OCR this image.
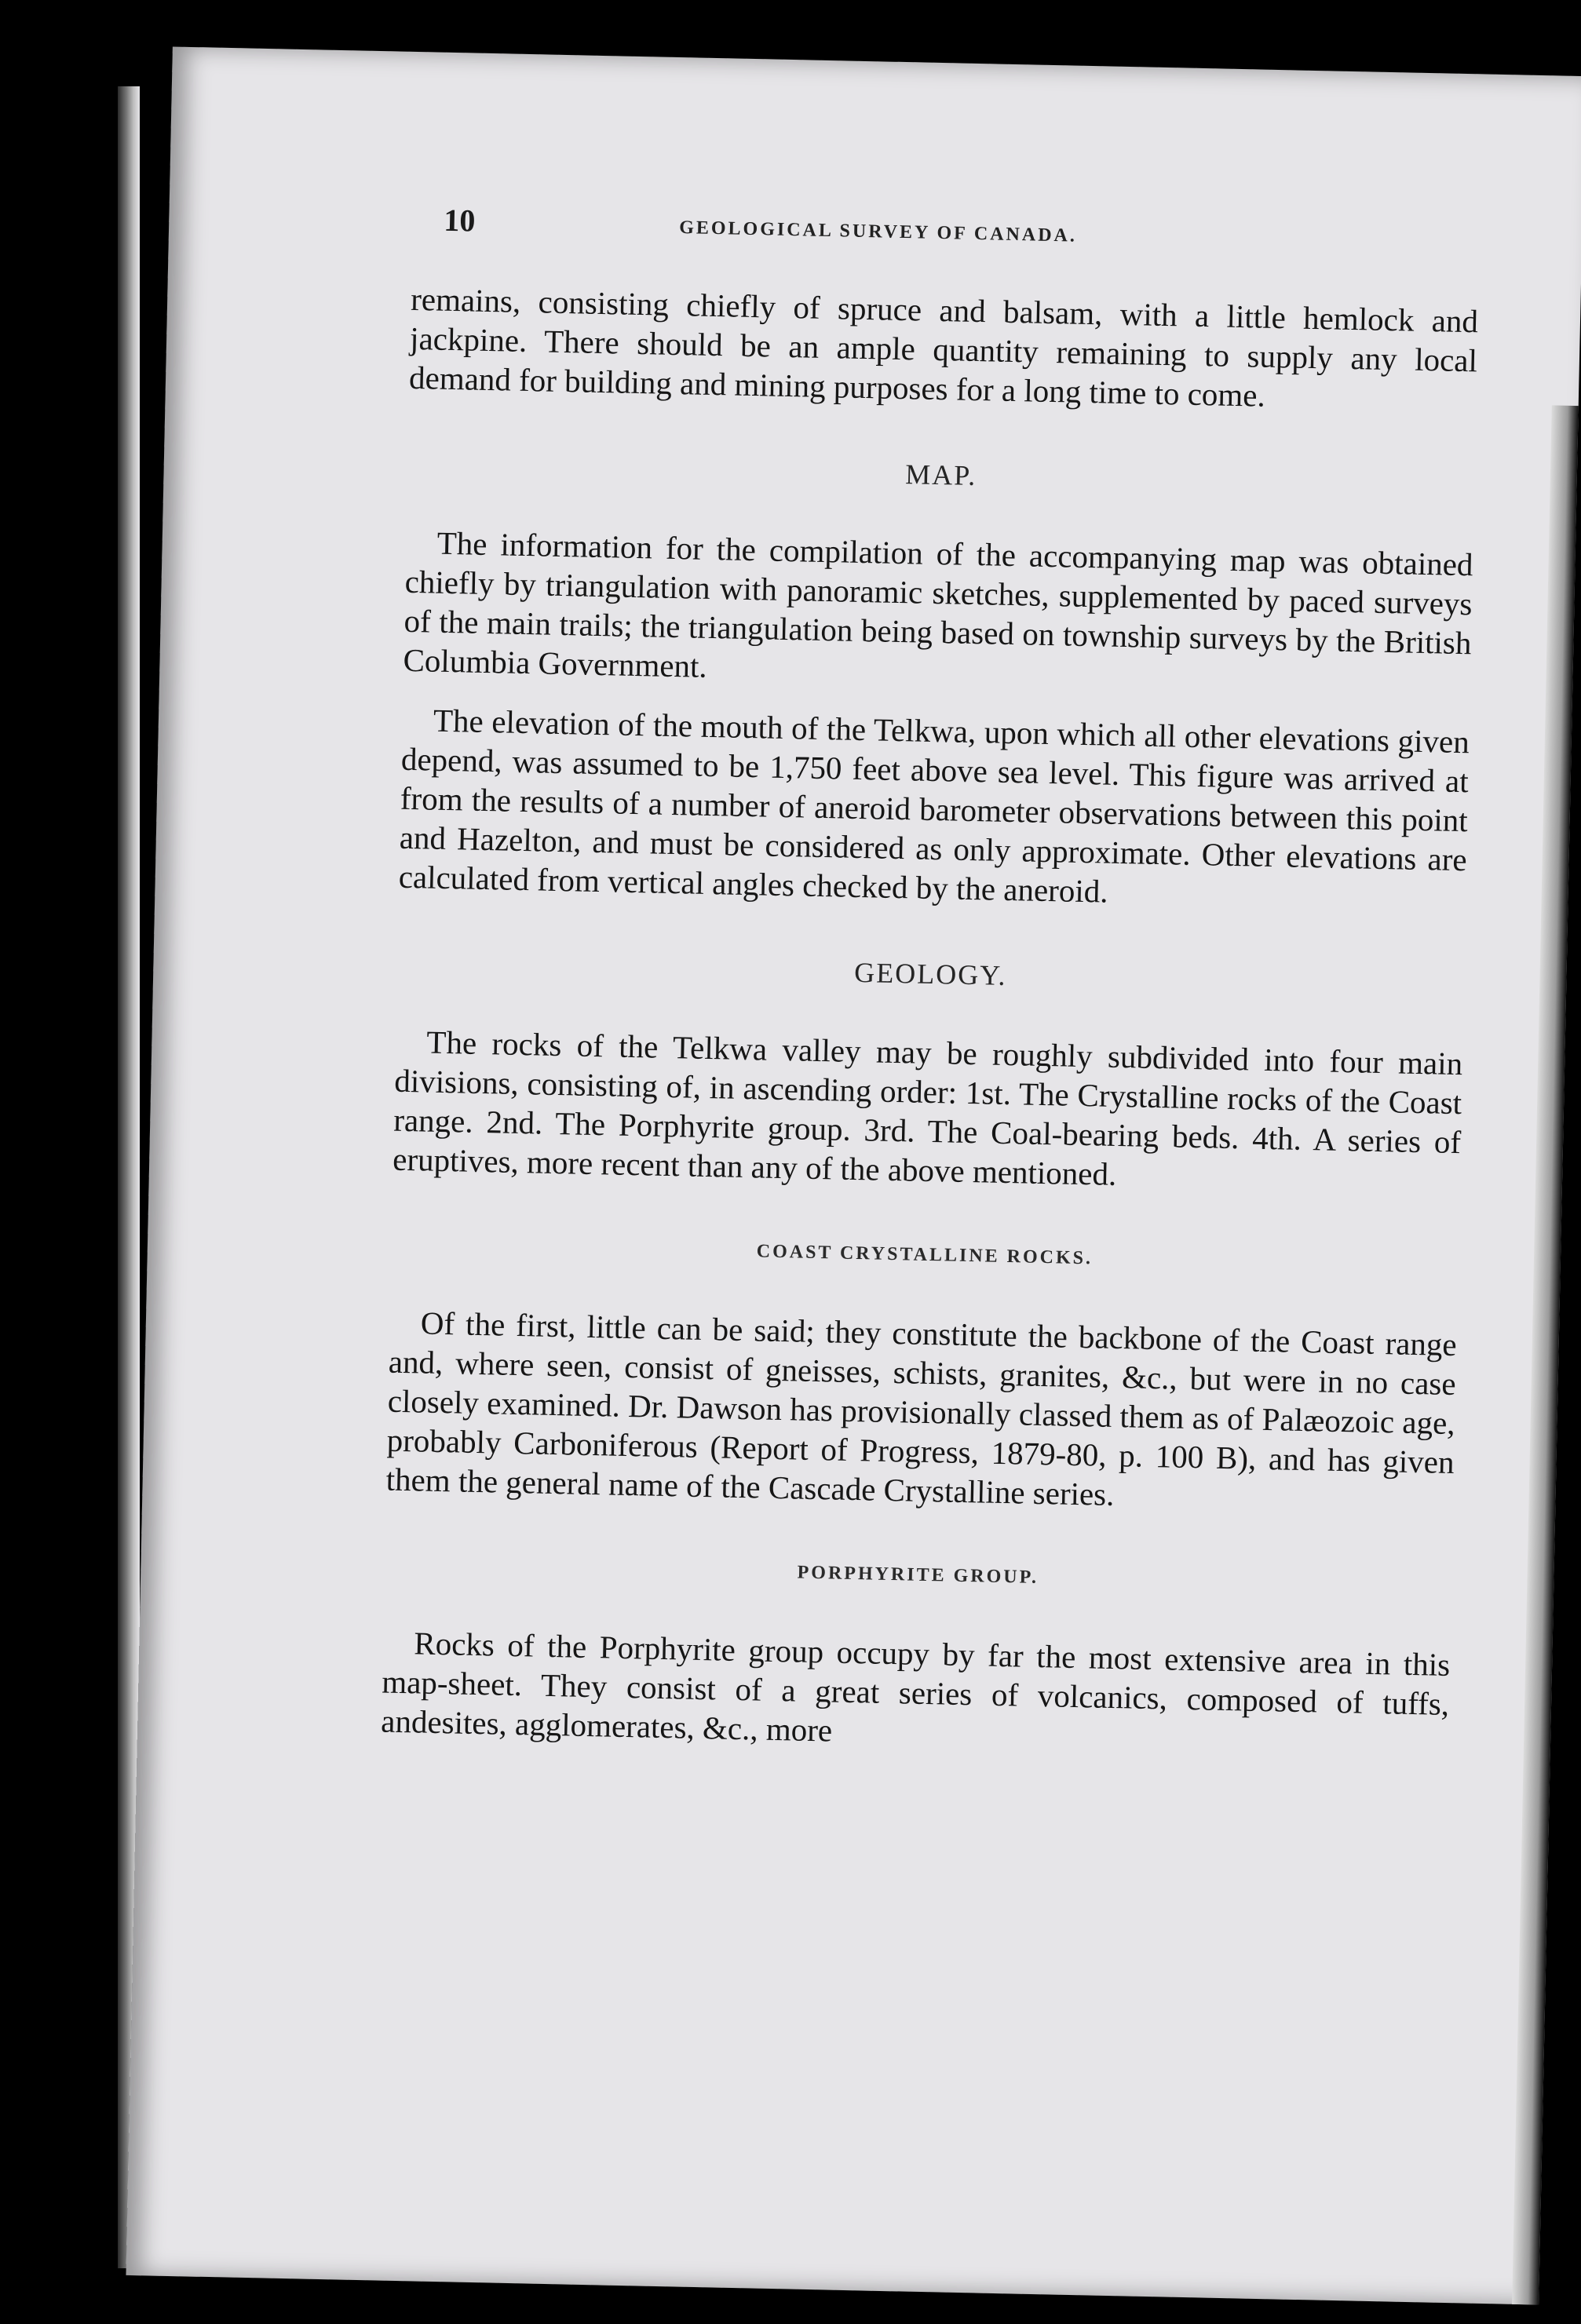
10	GEOLOGICAL SURVEY OF CANADA.

remains, consisting chiefly of spruce and balsam, with a little hemlock and jackpine. There should be an ample quantity remaining to supply any local demand for building and mining purposes for a long time to come.

MAP.

The information for the compilation of the accompanying map was obtained chiefly by triangulation with panoramic sketches, supplemented by paced surveys of the main trails; the triangulation being based on township surveys by the British Columbia Government.

The elevation of the mouth of the Telkwa, upon which all other elevations given depend, was assumed to be 1,750 feet above sea level. This figure was arrived at from the results of a number of aneroid barometer observations between this point and Hazelton, and must be considered as only approximate. Other elevations are calculated from vertical angles checked by the aneroid.

GEOLOGY.

The rocks of the Telkwa valley may be roughly subdivided into four main divisions, consisting of, in ascending order: 1st. The Crystalline rocks of the Coast range. 2nd. The Porphyrite group. 3rd. The Coal-bearing beds. 4th. A series of eruptives, more recent than any of the above mentioned.

COAST CRYSTALLINE ROCKS.

Of the first, little can be said; they constitute the backbone of the Coast range and, where seen, consist of gneisses, schists, granites, &c., but were in no case closely examined. Dr. Dawson has provisionally classed them as of Palæozoic age, probably Carboniferous (Report of Progress, 1879-80, p. 100 B), and has given them the general name of the Cascade Crystalline series.

PORPHYRITE GROUP.

Rocks of the Porphyrite group occupy by far the most extensive area in this map-sheet. They consist of a great series of volcanics, composed of tuffs, andesites, agglomerates, &c., more
